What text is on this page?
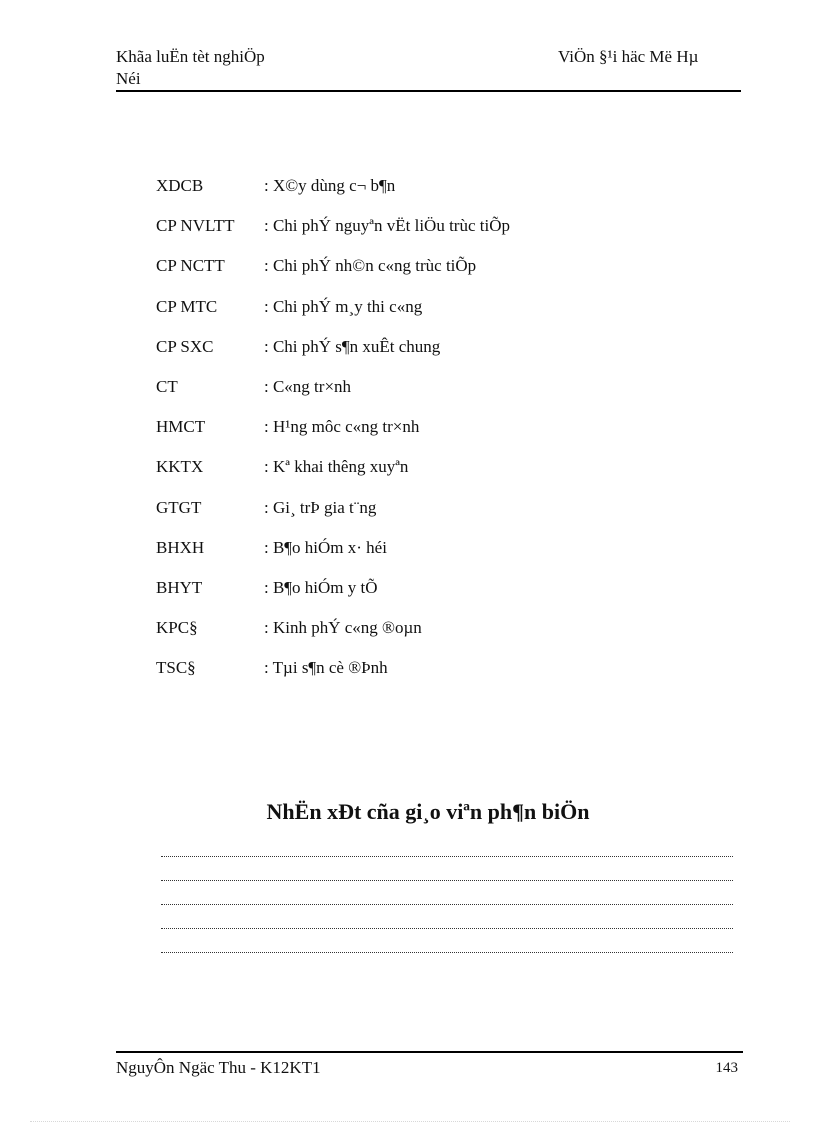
Khãa luËn tèt nghiÖp
Néi
ViÖn §¹i häc Më Hµ
XDCB	: X©y dùng c¬ b¶n
CP NVLTT	: Chi phÝ nguyªn vËt liÖu trùc tiÕp
CP NCTT	: Chi phÝ nh©n c«ng trùc tiÕp
CP MTC	: Chi phÝ m¸y thi c«ng
CP SXC	: Chi phÝ s¶n xuÊt chung
CT	: C«ng tr×nh
HMCT	: H¹ng môc c«ng tr×nh
KKTX	: Kª khai thêng xuyªn
GTGT	: Gi¸ trÞ gia t¨ng
BHXH	: B¶o hiÓm x· héi
BHYT	: B¶o hiÓm y tÕ
KPC§	: Kinh phÝ c«ng ®oµn
TSC§	: Tµi s¶n cè ®Þnh
NhËn xÐt cña gi¸o viªn ph¶n biÖn
NguyÔn Ngäc Thu - K12KT1	143
